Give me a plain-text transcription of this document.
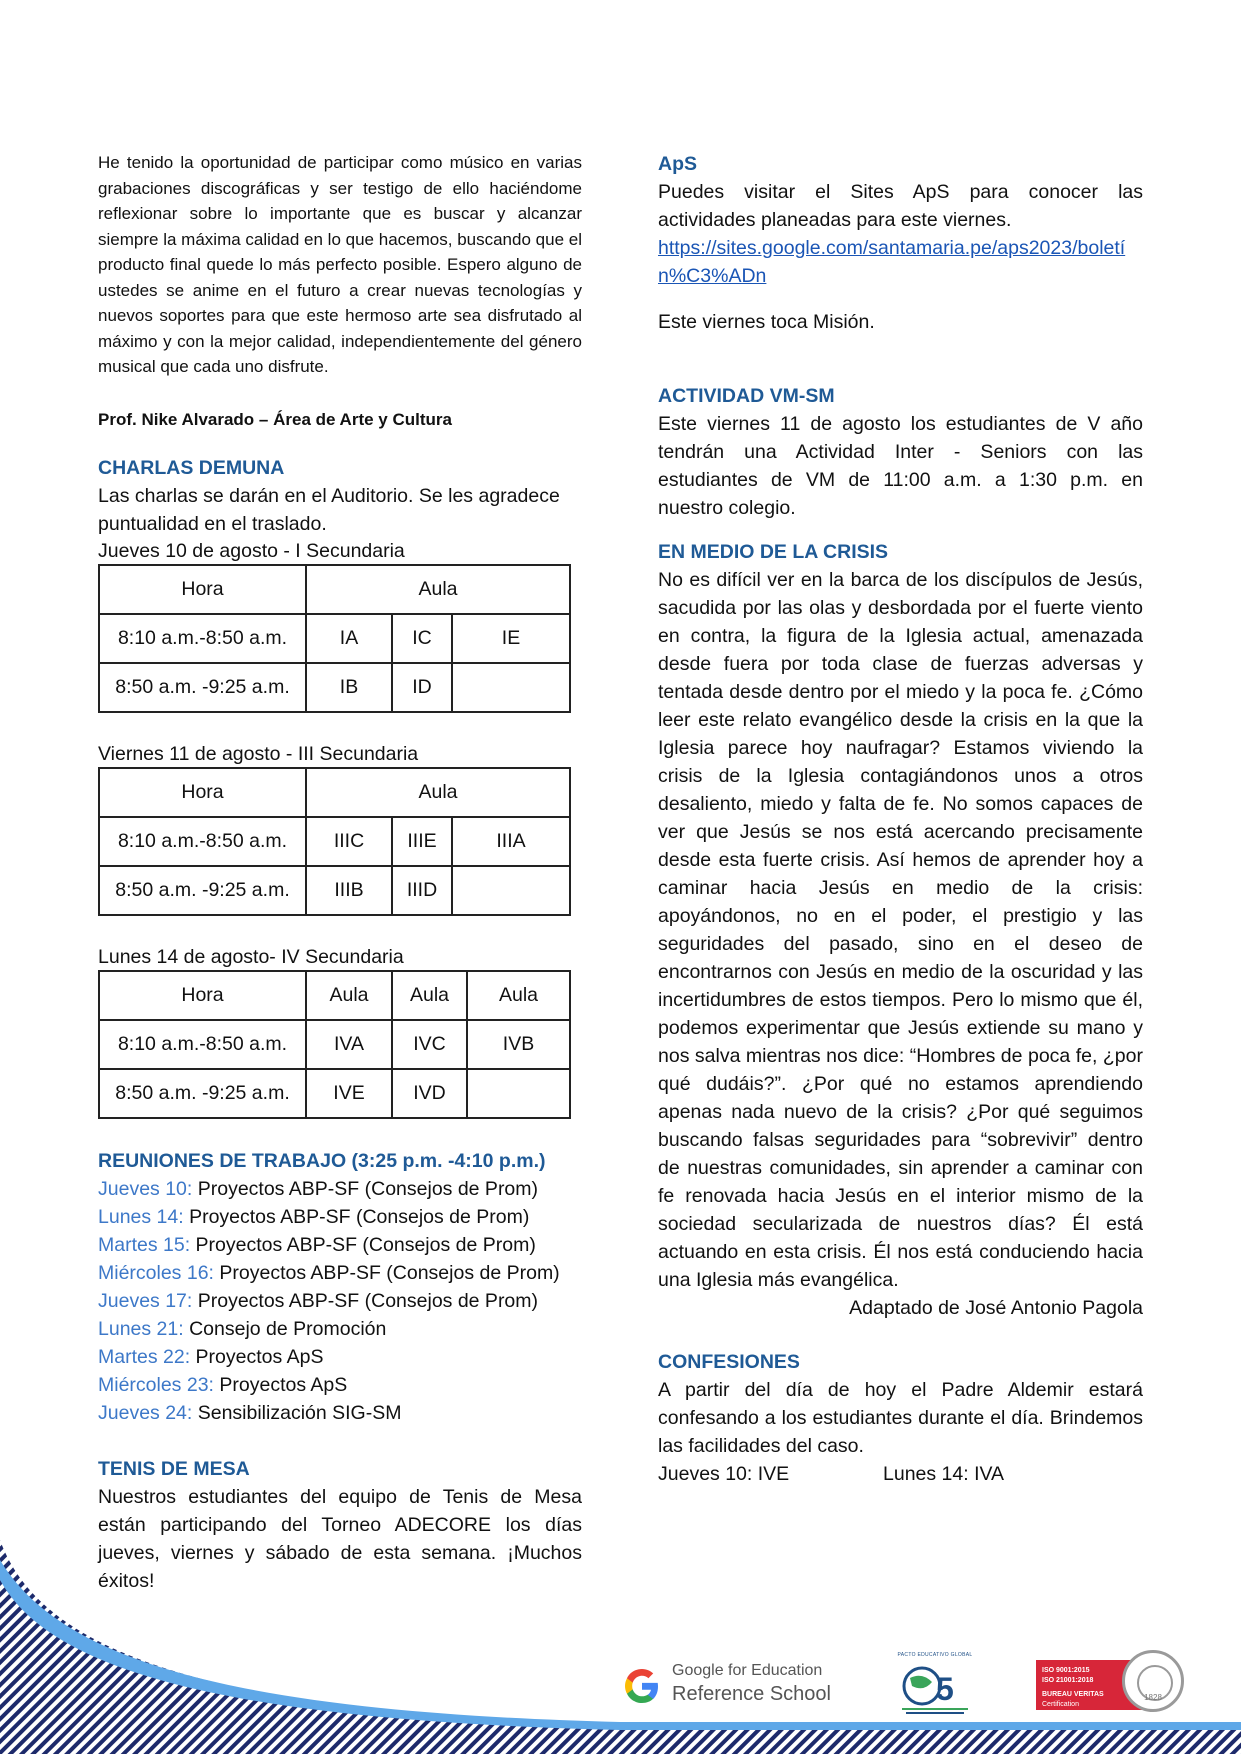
He tenido la oportunidad de participar como músico en varias grabaciones discográficas y ser testigo de ello haciéndome reflexionar sobre lo importante que es buscar y alcanzar siempre la máxima calidad en lo que hacemos, buscando que el producto final quede lo más perfecto posible. Espero alguno de ustedes se anime en el futuro a crear nuevas tecnologías y nuevos soportes para que este hermoso arte sea disfrutado al máximo y con la mejor calidad, independientemente del género musical que cada uno disfrute.

Prof. Nike Alvarado – Área de Arte y Cultura

CHARLAS DEMUNA

Las charlas se darán en el Auditorio. Se les agradece puntualidad en el traslado.

Jueves 10 de agosto - I Secundaria

Hora	Aula		
8:10 a.m.-8:50 a.m.	IA	IC	IE
8:50 a.m. -9:25 a.m.	IB	ID	

Viernes 11 de agosto - III Secundaria

Hora	Aula		
8:10 a.m.-8:50 a.m.	IIIC	IIIE	IIIA
8:50 a.m. -9:25 a.m.	IIIB	IIID	

Lunes 14 de agosto- IV Secundaria

Hora	Aula	Aula	Aula
8:10 a.m.-8:50 a.m.	IVA	IVC	IVB
8:50 a.m. -9:25 a.m.	IVE	IVD	

REUNIONES DE TRABAJO (3:25 p.m. -4:10 p.m.)

Jueves 10: Proyectos ABP-SF (Consejos de Prom)
Lunes 14: Proyectos ABP-SF (Consejos de Prom)
Martes 15: Proyectos ABP-SF (Consejos de Prom)
Miércoles 16: Proyectos ABP-SF (Consejos de Prom)
Jueves 17: Proyectos ABP-SF (Consejos de Prom)
Lunes 21: Consejo de Promoción
Martes 22: Proyectos ApS
Miércoles 23: Proyectos ApS
Jueves 24: Sensibilización SIG-SM

TENIS DE MESA

Nuestros estudiantes del equipo de Tenis de Mesa están participando del Torneo ADECORE los días jueves, viernes y sábado de esta semana. ¡Muchos éxitos!

ApS

Puedes visitar el Sites ApS para conocer las actividades planeadas para este viernes.

https://sites.google.com/santamaria.pe/aps2023/boletín%C3%ADn

Este viernes toca Misión.

ACTIVIDAD VM-SM

Este viernes 11 de agosto los estudiantes de V año tendrán una Actividad Inter - Seniors con las estudiantes de VM de 11:00 a.m. a 1:30 p.m. en nuestro colegio.

EN MEDIO DE LA CRISIS

No es difícil ver en la barca de los discípulos de Jesús, sacudida por las olas y desbordada por el fuerte viento en contra, la figura de la Iglesia actual, amenazada desde fuera por toda clase de fuerzas adversas y tentada desde dentro por el miedo y la poca fe. ¿Cómo leer este relato evangélico desde la crisis en la que la Iglesia parece hoy naufragar? Estamos viviendo la crisis de la Iglesia contagiándonos unos a otros desaliento, miedo y falta de fe. No somos capaces de ver que Jesús se nos está acercando precisamente desde esta fuerte crisis. Así hemos de aprender hoy a caminar hacia Jesús en medio de la crisis: apoyándonos, no en el poder, el prestigio y las seguridades del pasado, sino en el deseo de encontrarnos con Jesús en medio de la oscuridad y las incertidumbres de estos tiempos. Pero lo mismo que él, podemos experimentar que Jesús extiende su mano y nos salva mientras nos dice: “Hombres de poca fe, ¿por qué dudáis?”. ¿Por qué no estamos aprendiendo apenas nada nuevo de la crisis? ¿Por qué seguimos buscando falsas seguridades para “sobrevivir” dentro de nuestras comunidades, sin aprender a caminar con fe renovada hacia Jesús en el interior mismo de la sociedad secularizada de nuestros días? Él está actuando en esta crisis. Él nos está conduciendo hacia una Iglesia más evangélica.

Adaptado de José Antonio Pagola

CONFESIONES

A partir del día de hoy el Padre Aldemir estará confesando a los estudiantes durante el día. Brindemos las facilidades del caso.

Jueves 10: IVE	Lunes 14: IVA

Google for Education
Reference School
PACTO EDUCATIVO GLOBAL
5
ISO 9001:2015
ISO 21001:2018
BUREAU VERITAS
Certification
1828
